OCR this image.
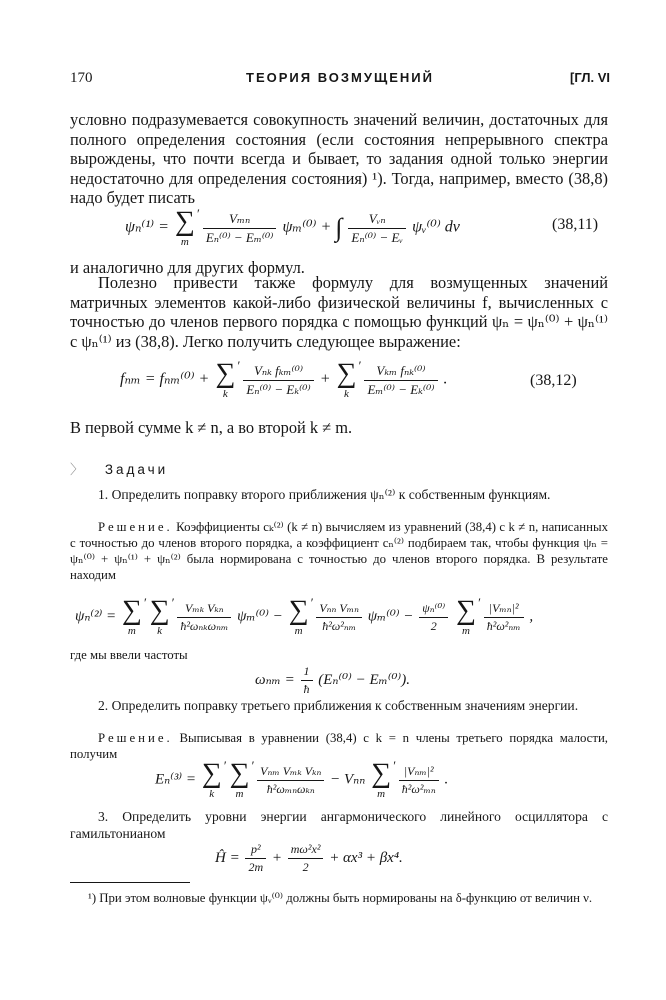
170	ТЕОРИЯ ВОЗМУЩЕНИЙ	[ГЛ. VI
условно подразумевается совокупность значений величин, достаточных для полного определения состояния (если состояния непрерывного спектра вырождены, что почти всегда и бывает, то задания одной только энергии недостаточно для определения состояния) ¹). Тогда, например, вместо (38,8) надо будет писать
ψₙ⁽¹⁾ = ∑ ′
m
	$\frac{\text{Vₘₙ}}{\text{Eₙ⁽⁰⁾ − Eₘ⁽⁰⁾}} \psi_m^{(0)}$ + ∫ $\frac{\text{Vᵥₙ}}{\text{Eₙ⁽⁰⁾ − Eᵥ}}$ ψᵥ⁽⁰⁾ dν	(38,11)
и аналогично для других формул.
Полезно привести также формулу для возмущенных значений матричных элементов какой-либо физической величины f, вычисленных с точностью до членов первого порядка с помощью функций ψₙ = ψₙ⁽⁰⁾ + ψₙ⁽¹⁾ с ψₙ⁽¹⁾ из (38,8). Легко получить следующее выражение:
fₙₘ = fₙₘ⁽⁰⁾ + ∑ ′
k
	$\frac{\text{Vₙₖ fₖₘ⁽⁰⁾}}{\text{Eₙ⁽⁰⁾ − Eₖ⁽⁰⁾}}$ + ∑ ′
k
	$\frac{\text{Vₖₘ fₙₖ⁽⁰⁾}}{\text{Eₘ⁽⁰⁾ − Eₖ⁽⁰⁾}}$ .	(38,12)
В первой сумме k ≠ n, а во второй k ≠ m.
〉 Задачи
1. Определить поправку второго приближения ψₙ⁽²⁾ к собственным функциям.
Решение. Коэффициенты cₖ⁽²⁾ (k ≠ n) вычисляем из уравнений (38,4) с k ≠ n, написанных с точностью до членов второго порядка, а коэффициент cₙ⁽²⁾ подбираем так, чтобы функция ψₙ = ψₙ⁽⁰⁾ + ψₙ⁽¹⁾ + ψₙ⁽²⁾ была нормирована с точностью до членов второго порядка. В результате находим
ψₙ⁽²⁾ = ∑ ′
m

∑ ′
k
	$\frac{\text{Vₘₖ Vₖₙ}}{\text{ħ²ωₙₖωₙₘ}} \psi_m^{(0)}$ − ∑ ′
m
	$\frac{\text{Vₙₙ Vₘₙ}}{\text{ħ²ω²ₙₘ}} \psi_m^{(0)} - \frac{\text{ψₙ⁽⁰⁾}}{2}$
∑ ′
m
	$\frac{\text{|Vₘₙ|²}}{\text{ħ²ω²ₙₘ}}$ ,
где мы ввели частоты
$\omega_{nm} = \frac{1}{ħ} (E_n^{(0)} - E_m^{(0)})$.
2. Определить поправку третьего приближения к собственным значениям энергии.
Решение. Выписывая в уравнении (38,4) с k = n члены третьего порядка малости, получим
Eₙ⁽³⁾ = ∑ ′
k

∑ ′
m
	$\frac{\text{Vₙₘ Vₘₖ Vₖₙ}}{\text{ħ²ωₘₙωₖₙ}} - V_{nn}$ ∑ ′
m
	$\frac{\text{|Vₙₘ|²}}{\text{ħ²ω²ₘₙ}}$ .
3. Определить уровни энергии ангармонического линейного осциллятора с гамильтонианом
Ĥ = $\frac{\text{p²}}{2m} + \frac{\text{mω²x²}}{2} + \alpha x^3 + \beta x^4$.
¹) При этом волновые функции ψᵥ⁽⁰⁾ должны быть нормированы на δ-функцию от величин ν.
